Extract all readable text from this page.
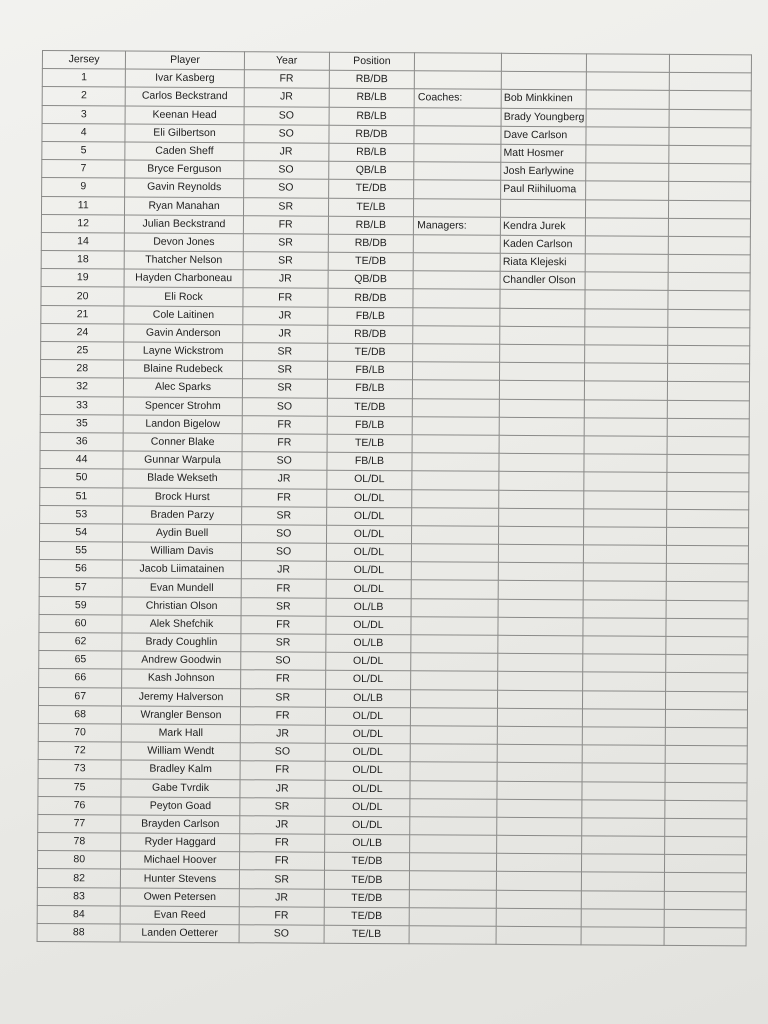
Jersey	Player	Year	Position				
1	Ivar Kasberg	FR	RB/DB				
2	Carlos Beckstrand	JR	RB/LB	Coaches:	Bob Minkkinen		
3	Keenan Head	SO	RB/LB		Brady Youngberg		
4	Eli Gilbertson	SO	RB/DB		Dave Carlson		
5	Caden Sheff	JR	RB/LB		Matt Hosmer		
7	Bryce Ferguson	SO	QB/LB		Josh Earlywine		
9	Gavin Reynolds	SO	TE/DB		Paul Riihiluoma		
11	Ryan Manahan	SR	TE/LB				
12	Julian Beckstrand	FR	RB/LB	Managers:	Kendra Jurek		
14	Devon Jones	SR	RB/DB		Kaden Carlson		
18	Thatcher Nelson	SR	TE/DB		Riata Klejeski		
19	Hayden Charboneau	JR	QB/DB		Chandler Olson		
20	Eli Rock	FR	RB/DB				
21	Cole Laitinen	JR	FB/LB				
24	Gavin Anderson	JR	RB/DB				
25	Layne Wickstrom	SR	TE/DB				
28	Blaine Rudebeck	SR	FB/LB				
32	Alec Sparks	SR	FB/LB				
33	Spencer Strohm	SO	TE/DB				
35	Landon Bigelow	FR	FB/LB				
36	Conner Blake	FR	TE/LB				
44	Gunnar Warpula	SO	FB/LB				
50	Blade Wekseth	JR	OL/DL				
51	Brock Hurst	FR	OL/DL				
53	Braden Parzy	SR	OL/DL				
54	Aydin Buell	SO	OL/DL				
55	William Davis	SO	OL/DL				
56	Jacob Liimatainen	JR	OL/DL				
57	Evan Mundell	FR	OL/DL				
59	Christian Olson	SR	OL/LB				
60	Alek Shefchik	FR	OL/DL				
62	Brady Coughlin	SR	OL/LB				
65	Andrew Goodwin	SO	OL/DL				
66	Kash Johnson	FR	OL/DL				
67	Jeremy Halverson	SR	OL/LB				
68	Wrangler Benson	FR	OL/DL				
70	Mark Hall	JR	OL/DL				
72	William Wendt	SO	OL/DL				
73	Bradley Kalm	FR	OL/DL				
75	Gabe Tvrdik	JR	OL/DL				
76	Peyton Goad	SR	OL/DL				
77	Brayden Carlson	JR	OL/DL				
78	Ryder Haggard	FR	OL/LB				
80	Michael Hoover	FR	TE/DB				
82	Hunter Stevens	SR	TE/DB				
83	Owen Petersen	JR	TE/DB				
84	Evan Reed	FR	TE/DB				
88	Landen Oetterer	SO	TE/LB				
